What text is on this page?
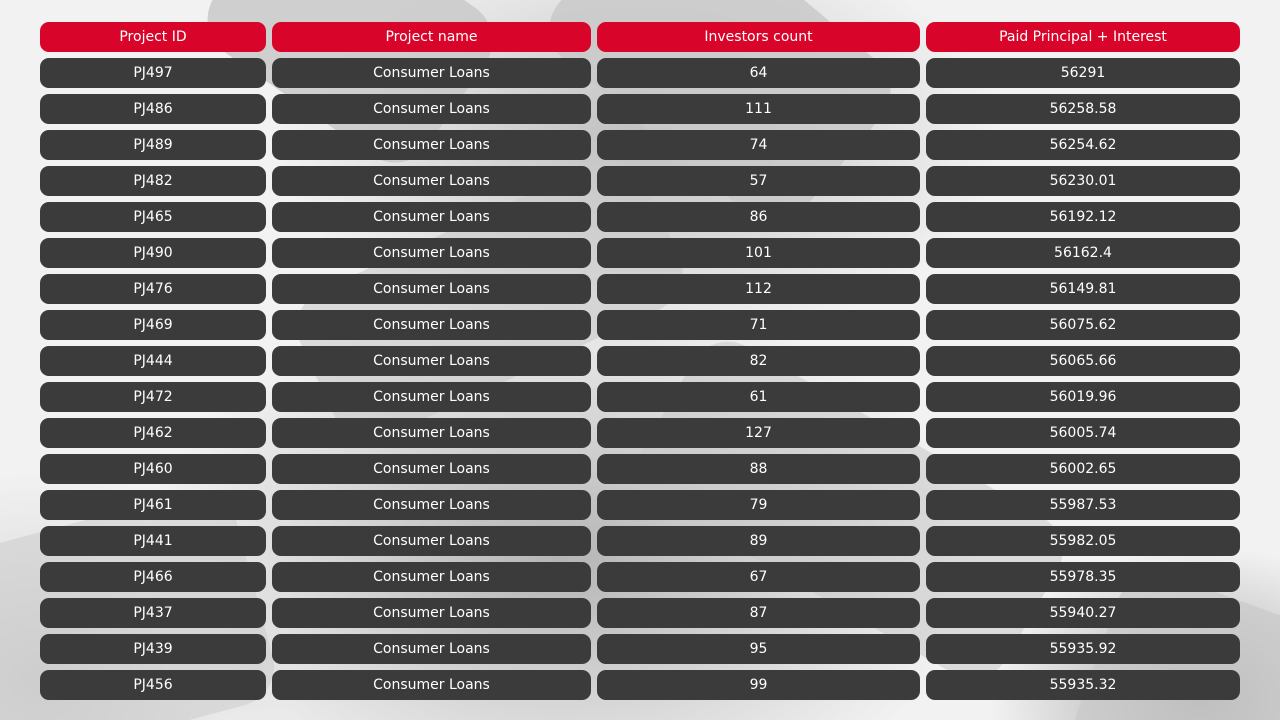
Project ID	Project name	Investors count	Paid Principal + Interest
PJ497	Consumer Loans	64	56291
PJ486	Consumer Loans	111	56258.58
PJ489	Consumer Loans	74	56254.62
PJ482	Consumer Loans	57	56230.01
PJ465	Consumer Loans	86	56192.12
PJ490	Consumer Loans	101	56162.4
PJ476	Consumer Loans	112	56149.81
PJ469	Consumer Loans	71	56075.62
PJ444	Consumer Loans	82	56065.66
PJ472	Consumer Loans	61	56019.96
PJ462	Consumer Loans	127	56005.74
PJ460	Consumer Loans	88	56002.65
PJ461	Consumer Loans	79	55987.53
PJ441	Consumer Loans	89	55982.05
PJ466	Consumer Loans	67	55978.35
PJ437	Consumer Loans	87	55940.27
PJ439	Consumer Loans	95	55935.92
PJ456	Consumer Loans	99	55935.32
